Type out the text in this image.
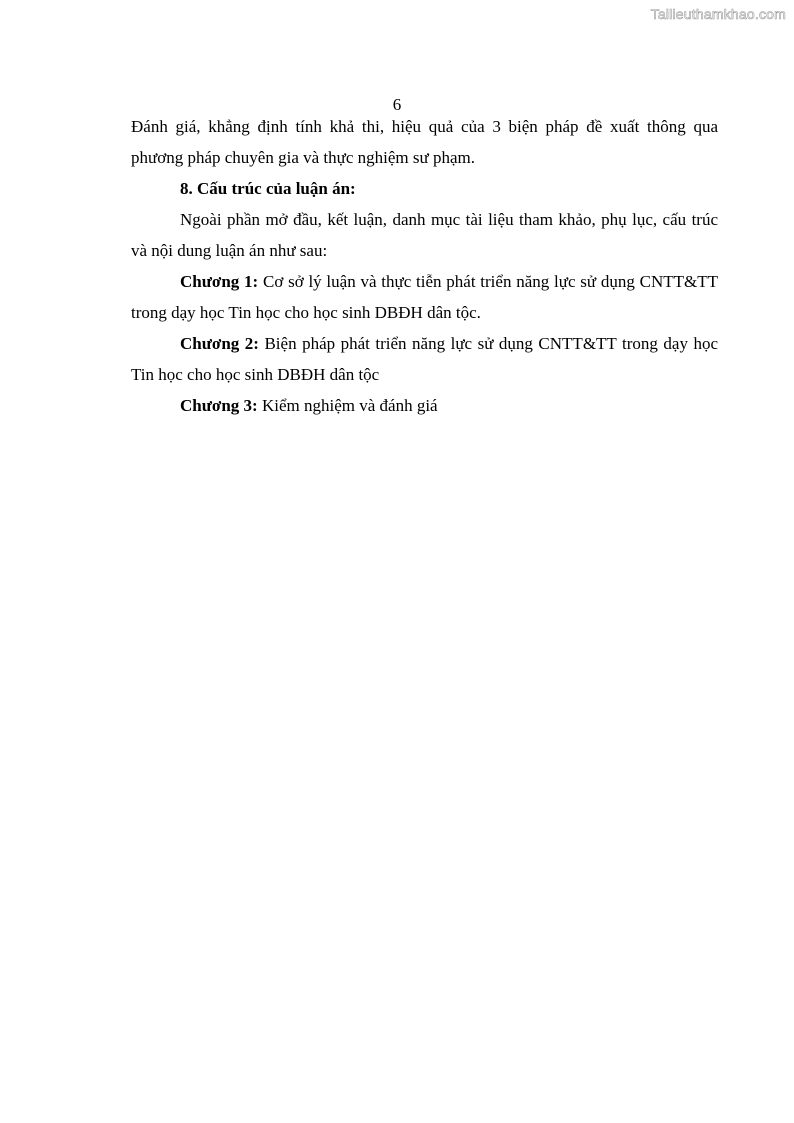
Tailieuthamkhao.com
6

Đánh giá, khẳng định tính khả thi, hiệu quả của 3 biện pháp đề xuất thông qua phương pháp chuyên gia và thực nghiệm sư phạm.

8. Cấu trúc của luận án:

Ngoài phần mở đầu, kết luận, danh mục tài liệu tham khảo, phụ lục, cấu trúc và nội dung luận án như sau:

Chương 1: Cơ sở lý luận và thực tiễn phát triển năng lực sử dụng CNTT&TT trong dạy học Tin học cho học sinh DBĐH dân tộc.

Chương 2: Biện pháp phát triển năng lực sử dụng CNTT&TT trong dạy học Tin học cho học sinh DBĐH dân tộc

Chương 3: Kiểm nghiệm và đánh giá
